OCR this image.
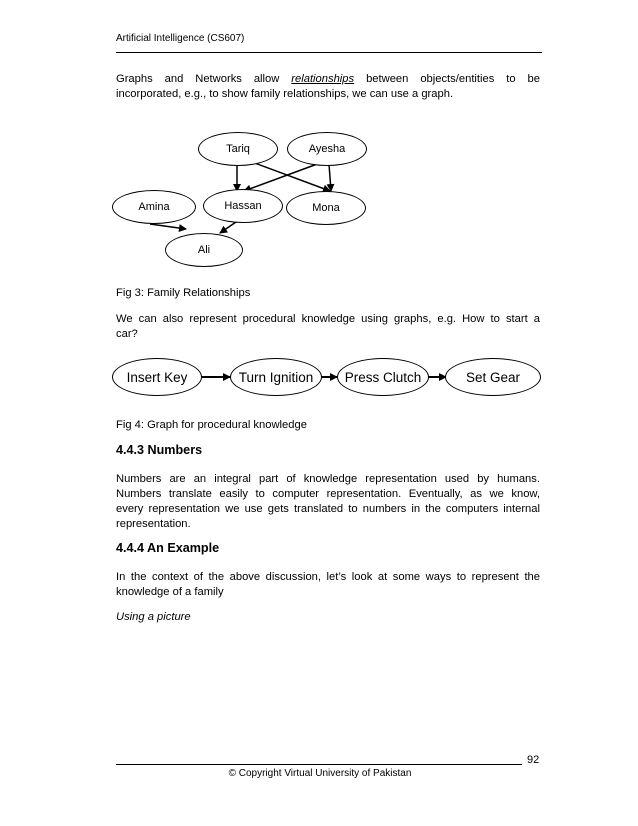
Artificial Intelligence (CS607)
Graphs and Networks allow relationships between objects/entities to be
incorporated, e.g., to show family relationships, we can use a graph.
Tariq	Ayesha
Amina	Hassan	Mona
Ali
Fig 3: Family Relationships
We can also represent procedural knowledge using graphs, e.g. How to start a
car?
Insert Key	Turn Ignition	Press Clutch	Set Gear
Fig 4: Graph for procedural knowledge
4.4.3 Numbers
Numbers are an integral part of knowledge representation used by humans.
Numbers translate easily to computer representation. Eventually, as we know,
every representation we use gets translated to numbers in the computers internal
representation.
4.4.4 An Example
In the context of the above discussion, let’s look at some ways to represent the
knowledge of a family
Using a picture
92
© Copyright Virtual University of Pakistan
